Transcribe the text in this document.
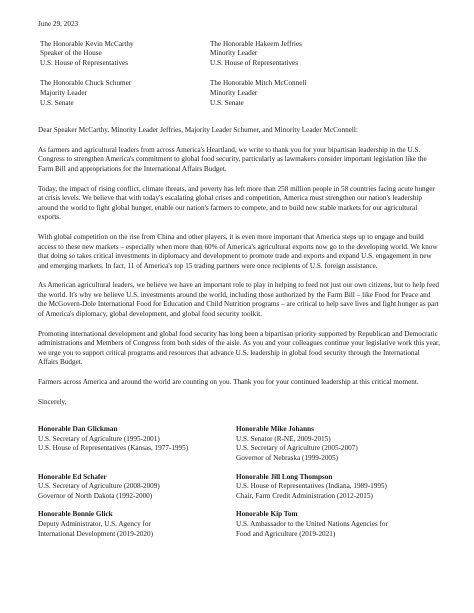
June 29, 2023
The Honorable Kevin McCarthy
Speaker of the House
U.S. House of Representatives
The Honorable Hakeem Jeffries
Minority Leader
U.S. House of Representatives
The Honorable Chuck Schumer
Majority Leader
U.S. Senate
The Honorable Mitch McConnell
Minority Leader
U.S. Senate
Dear Speaker McCarthy, Minority Leader Jeffries, Majority Leader Schumer, and Minority Leader McConnell:

As farmers and agricultural leaders from across America's Heartland, we write to thank you for your bipartisan leadership in the U.S. Congress to strengthen America's commitment to global food security, particularly as lawmakers consider important legislation like the Farm Bill and appropriations for the International Affairs Budget.

Today, the impact of rising conflict, climate threats, and poverty has left more than 258 million people in 58 countries facing acute hunger at crisis levels. We believe that with today's escalating global crises and competition, America must strengthen our nation's leadership around the world to fight global hunger, enable our nation's farmers to compete, and to build new stable markets for our agricultural exports.

With global competition on the rise from China and other players, it is even more important that America steps up to engage and build access to these new markets – especially when more than 60% of America's agricultural exports now go to the developing world. We know that doing so takes critical investments in diplomacy and development to promote trade and exports and expand U.S. engagement in new and emerging markets. In fact, 11 of America's top 15 trading partners were once recipients of U.S. foreign assistance.

As American agricultural leaders, we believe we have an important role to play in helping to feed not just our own citizens, but to help feed the world. It's why we believe U.S. investments around the world, including those authorized by the Farm Bill – like Food for Peace and the McGovern-Dole International Food for Education and Child Nutrition programs – are critical to help save lives and fight hunger as part of America's diplomacy, global development, and global food security toolkit.

Promoting international development and global food security has long been a bipartisan priority supported by Republican and Democratic administrations and Members of Congress from both sides of the aisle. As you and your colleagues continue your legislative work this year, we urge you to support critical programs and resources that advance U.S. leadership in global food security through the International Affairs Budget.

Farmers across America and around the world are counting on you. Thank you for your continued leadership at this critical moment.

Sincerely,
Honorable Dan Glickman
U.S. Secretary of Agriculture (1995-2001)
U.S. House of Representatives (Kansas, 1977-1995)
Honorable Mike Johanns
U.S. Senator (R-NE, 2009-2015)
U.S. Secretary of Agriculture (2005-2007)
Governor of Nebraska (1999-2005)
Honorable Ed Schafer
U.S. Secretary of Agriculture (2008-2009)
Governor of North Dakota (1992-2000)
Honorable Jill Long Thompson
U.S. House of Representatives (Indiana, 1989-1995)
Chair, Farm Credit Administration (2012-2015)
Honorable Bonnie Glick
Deputy Administrator, U.S. Agency for
International Development (2019-2020)
Honorable Kip Tom
U.S. Ambassador to the United Nations Agencies for
Food and Agriculture (2019-2021)
